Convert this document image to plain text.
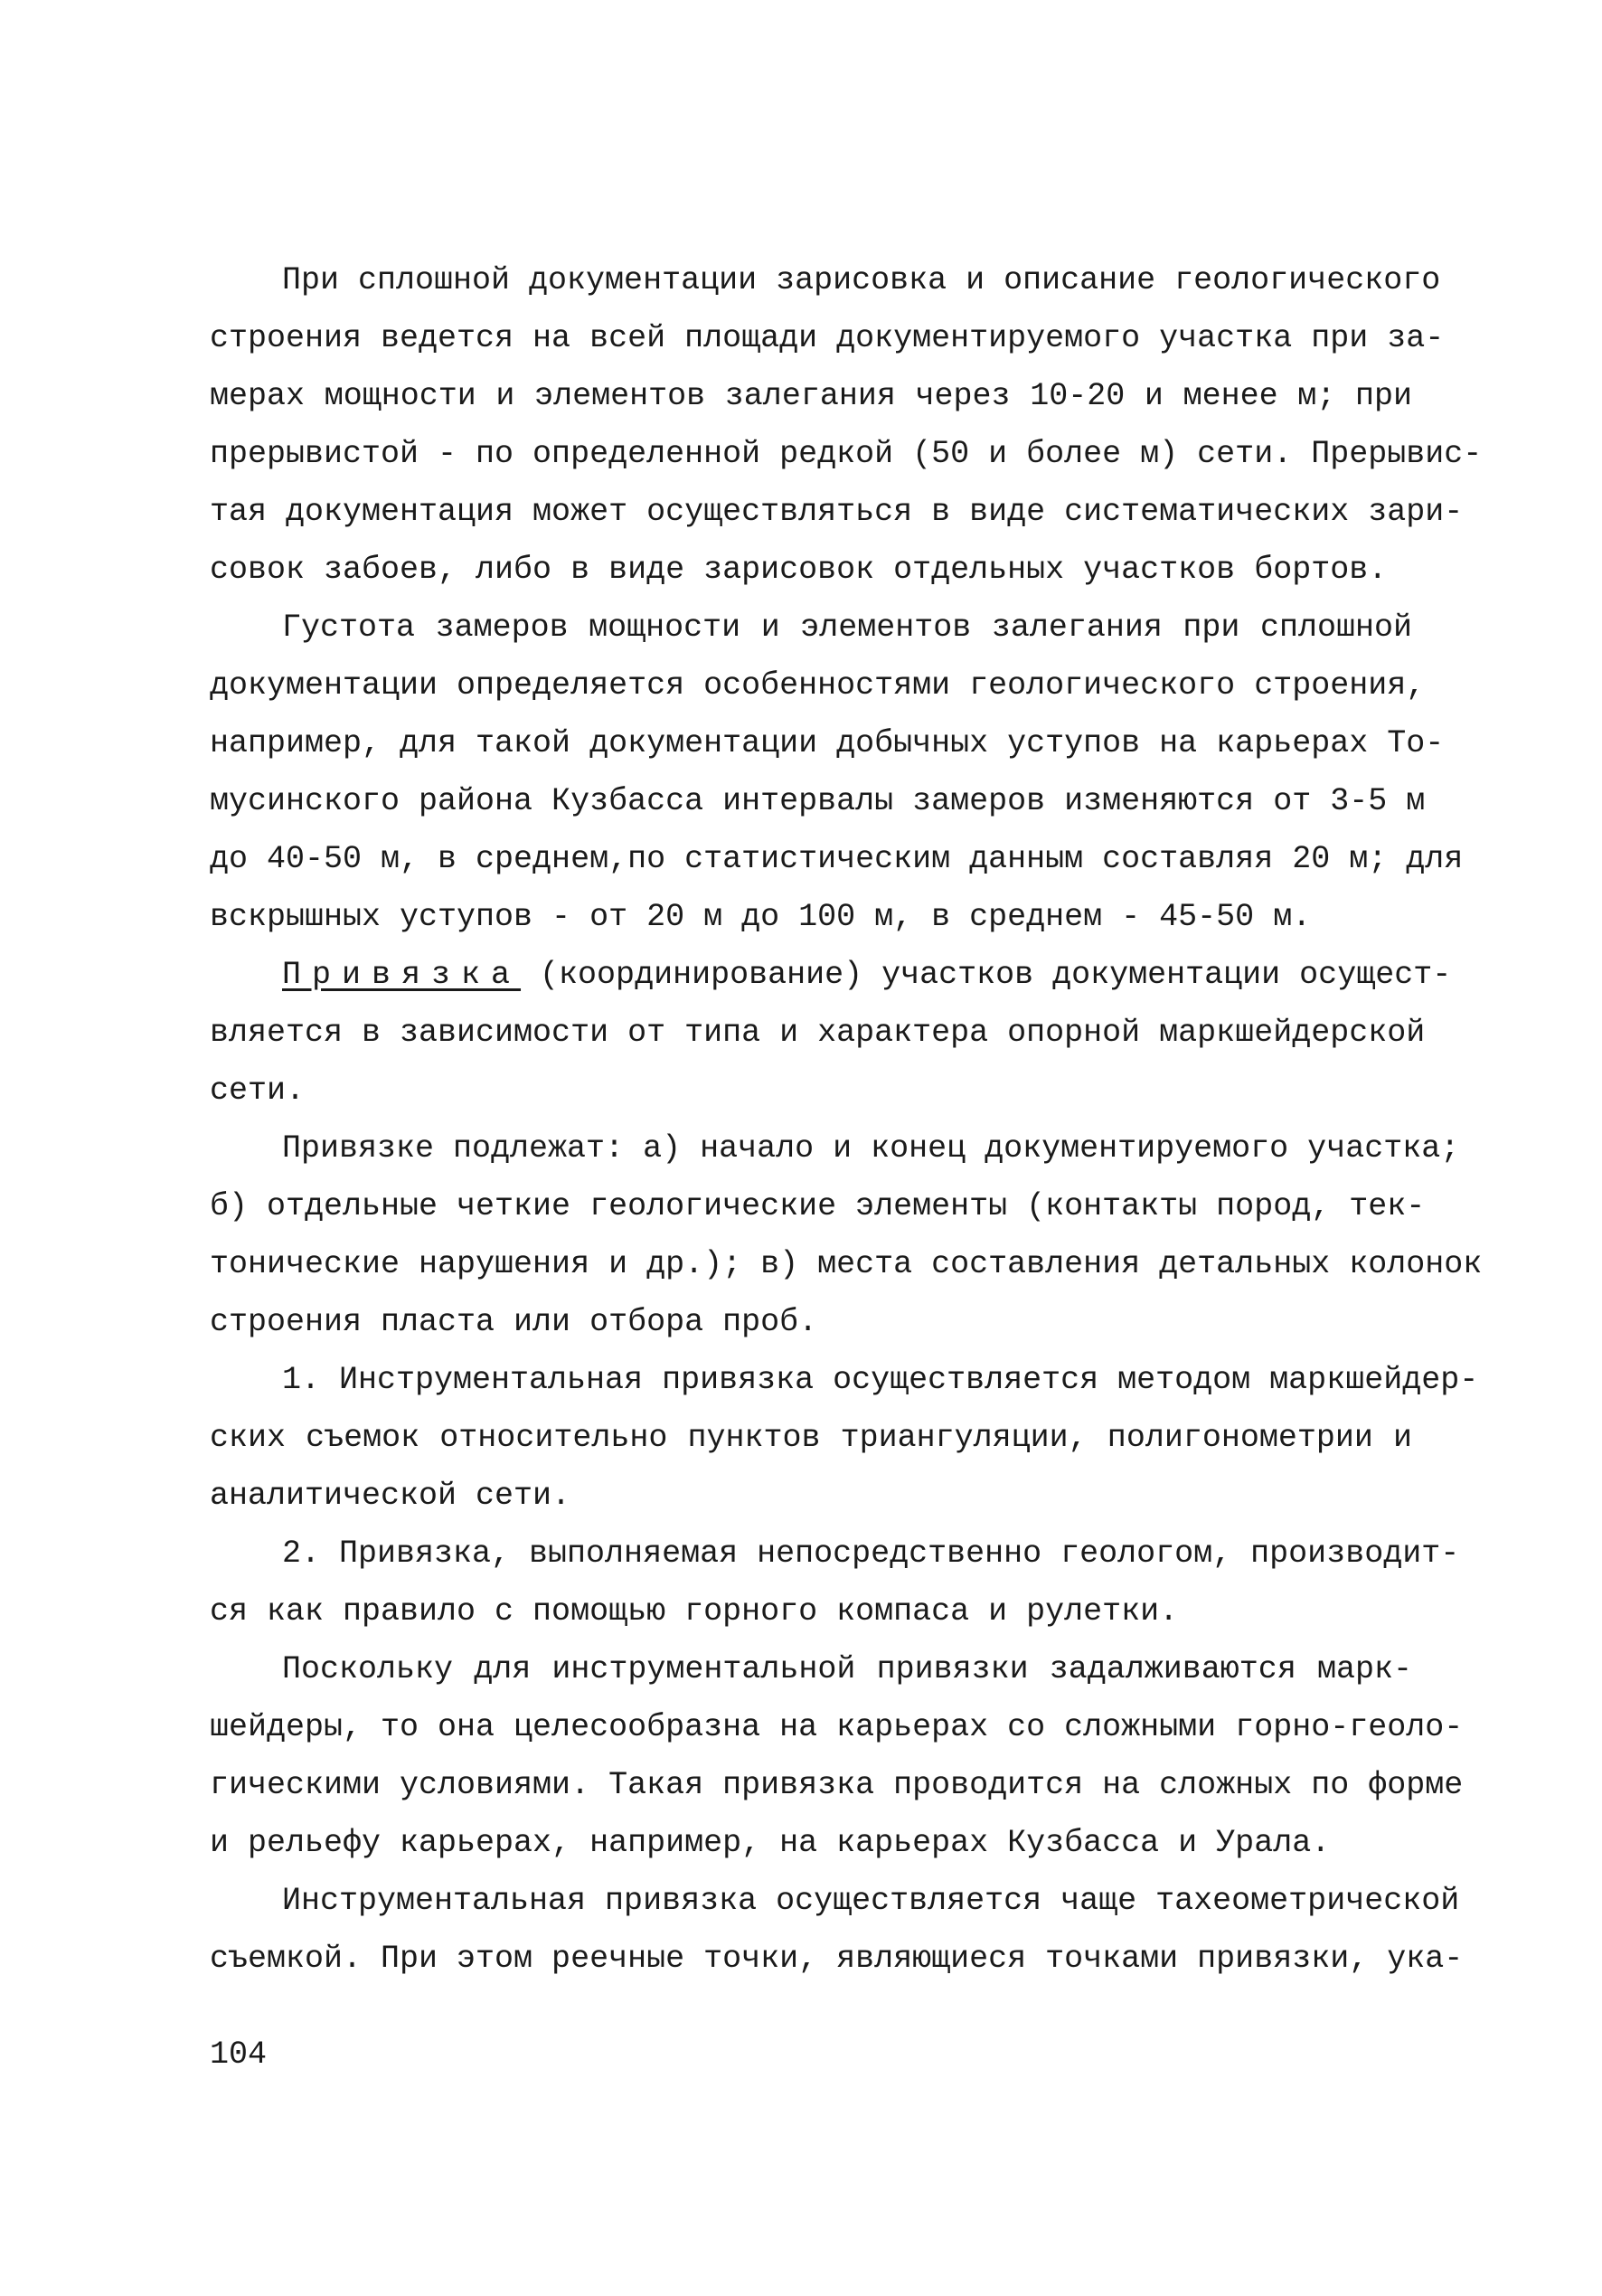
При сплошной документации зарисовка и описание геологического
строения ведется на всей площади документируемого участка при за-
мерах мощности и элементов залегания через 10-20 и менее м; при
прерывистой - по определенной редкой (50 и более м) сети. Прерывис-
тая документация может осуществляться в виде систематических зари-
совок забоев, либо в виде зарисовок отдельных участков бортов.
Густота замеров мощности и элементов залегания при сплошной
документации определяется особенностями геологического строения,
например, для такой документации добычных уступов на карьерах То-
мусинского района Кузбасса интервалы замеров изменяются от 3-5 м
до 40-50 м, в среднем,по статистическим данным составляя 20 м; для
вскрышных уступов - от 20 м до 100 м, в среднем - 45-50 м.
Привязка (координирование) участков документации осущест-
вляется в зависимости от типа и характера опорной маркшейдерской
сети.
Привязке подлежат: а) начало и конец документируемого участка;
б) отдельные четкие геологические элементы (контакты пород, тек-
тонические нарушения и др.); в) места составления детальных колонок
строения пласта или отбора проб.
1. Инструментальная привязка осуществляется методом маркшейдер-
ских съемок относительно пунктов триангуляции, полигонометрии и
аналитической сети.
2. Привязка, выполняемая непосредственно геологом, производит-
ся как правило с помощью горного компаса и рулетки.
Поскольку для инструментальной привязки задалживаются марк-
шейдеры, то она целесообразна на карьерах со сложными горно-геоло-
гическими условиями. Такая привязка проводится на сложных по форме
и рельефу карьерах, например, на карьерах Кузбасса и Урала.
Инструментальная привязка осуществляется чаще тахеометрической
съемкой. При этом реечные точки, являющиеся точками привязки, ука-
104
